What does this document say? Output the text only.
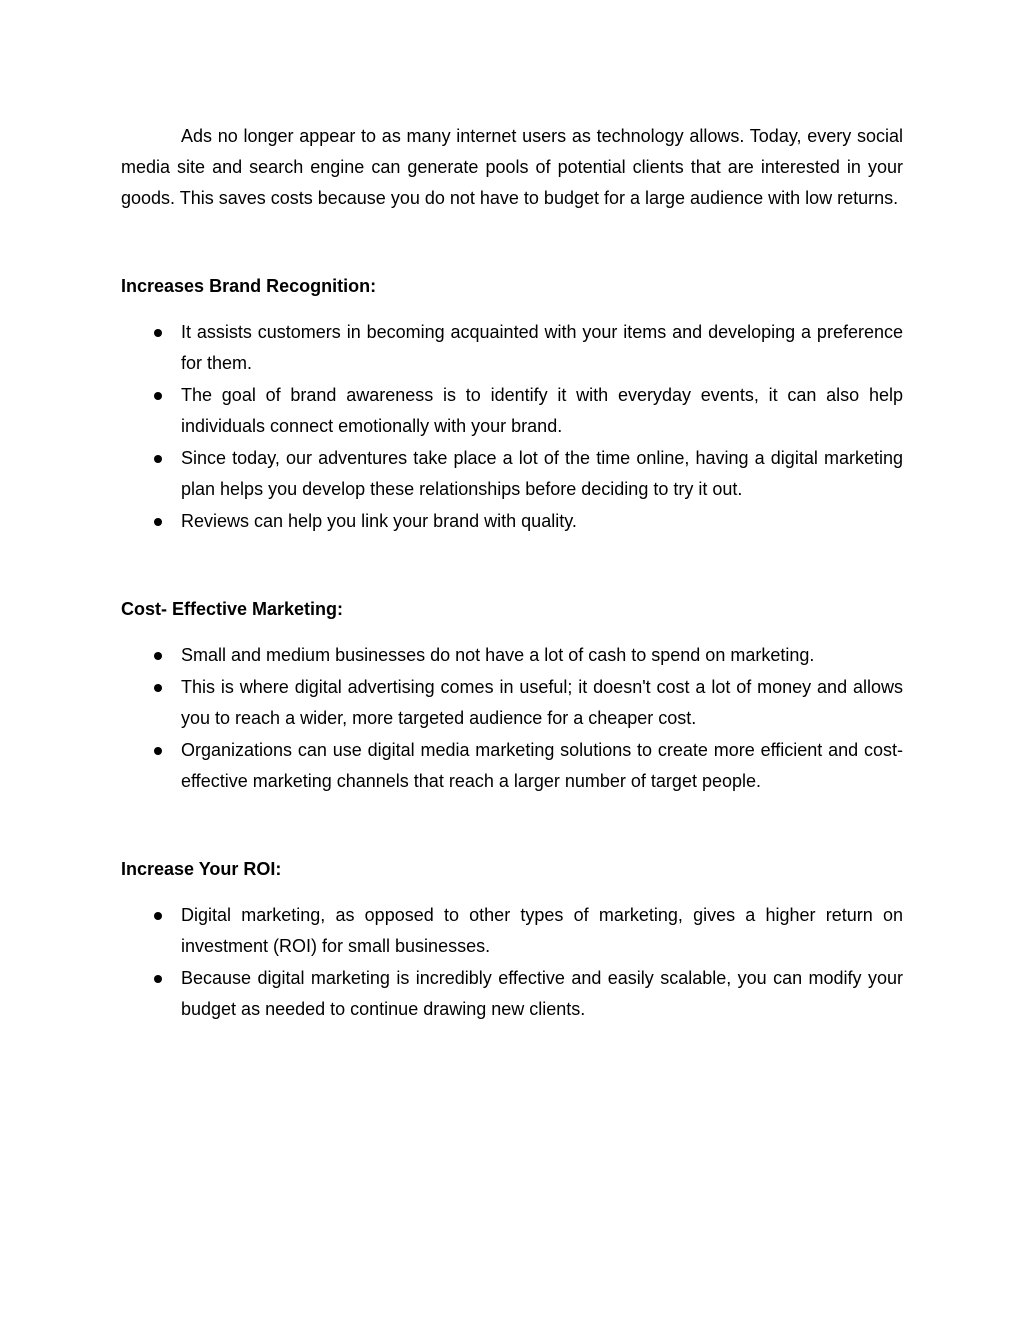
Ads no longer appear to as many internet users as technology allows. Today, every social media site and search engine can generate pools of potential clients that are interested in your goods. This saves costs because you do not have to budget for a large audience with low returns.

Increases Brand Recognition:
It assists customers in becoming acquainted with your items and developing a preference for them.
The goal of brand awareness is to identify it with everyday events, it can also help individuals connect emotionally with your brand.
Since today, our adventures take place a lot of the time online, having a digital marketing plan helps you develop these relationships before deciding to try it out.
Reviews can help you link your brand with quality.
Cost- Effective Marketing:
Small and medium businesses do not have a lot of cash to spend on marketing.
This is where digital advertising comes in useful; it doesn't cost a lot of money and allows you to reach a wider, more targeted audience for a cheaper cost.
Organizations can use digital media marketing solutions to create more efficient and cost-effective marketing channels that reach a larger number of target people.
Increase Your ROI:
Digital marketing, as opposed to other types of marketing, gives a higher return on investment (ROI) for small businesses.
Because digital marketing is incredibly effective and easily scalable, you can modify your budget as needed to continue drawing new clients.
